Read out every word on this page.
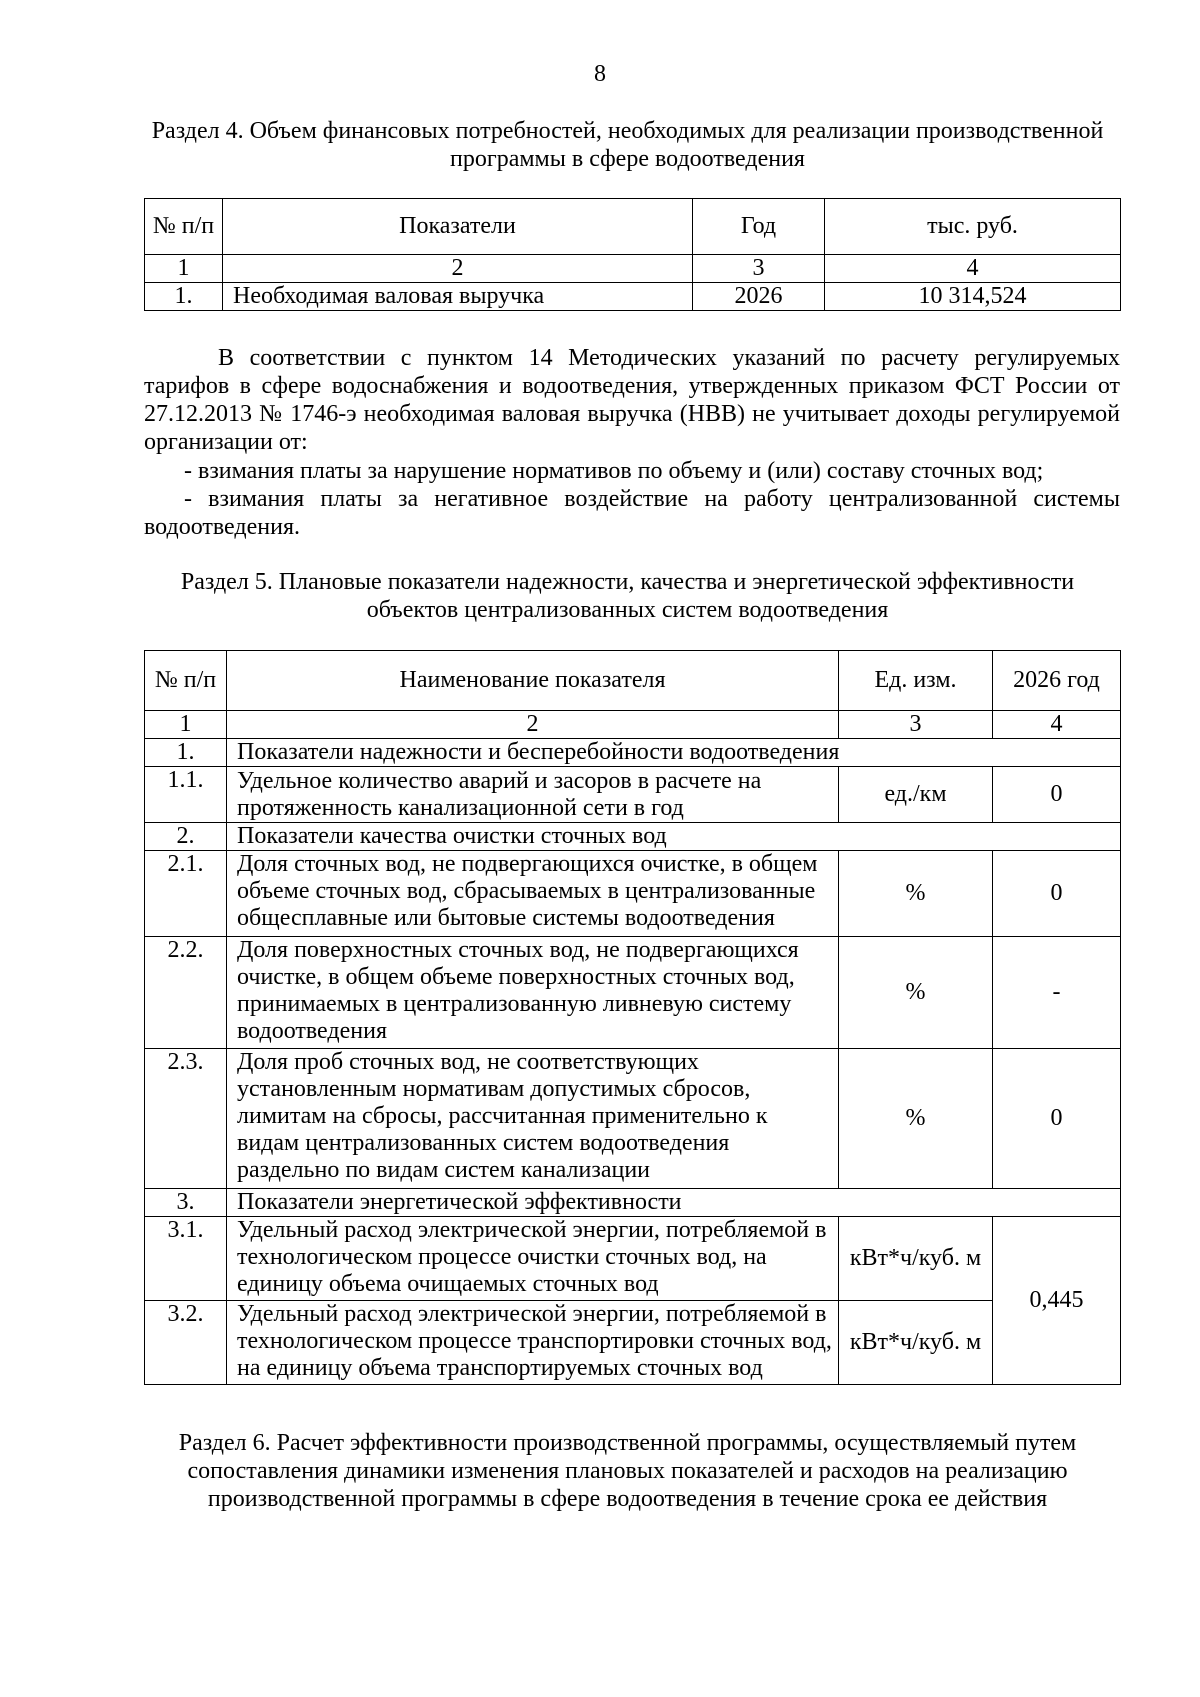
8
Раздел 4. Объем финансовых потребностей, необходимых для реализации производственной
программы в сфере водоотведения
№ п/п	Показатели	Год	тыс. руб.
1	2	3	4
1.	Необходимая валовая выручка	2026	10 314,524
В соответствии с пунктом 14 Методических указаний по расчету регулируемых тарифов в сфере водоснабжения и водоотведения, утвержденных приказом ФСТ России от 27.12.2013 № 1746-э необходимая валовая выручка (НВВ) не учитывает доходы регулируемой организации от:
- взимания платы за нарушение нормативов по объему и (или) составу сточных вод;
- взимания платы за негативное воздействие на работу централизованной системы водоотведения.
Раздел 5. Плановые показатели надежности, качества и энергетической эффективности
объектов централизованных систем водоотведения
№ п/п	Наименование показателя	Ед. изм.	2026 год
1	2	3	4
1.	Показатели надежности и бесперебойности водоотведения		
1.1.	Удельное количество аварий и засоров в расчете на протяженность канализационной сети в год	ед./км	0
2.	Показатели качества очистки сточных вод		
2.1.	Доля сточных вод, не подвергающихся очистке, в общем объеме сточных вод, сбрасываемых в централизованные общесплавные или бытовые системы водоотведения	%	0
2.2.	Доля поверхностных сточных вод, не подвергающихся очистке, в общем объеме поверхностных сточных вод, принимаемых в централизованную ливневую систему водоотведения	%	-
2.3.	Доля проб сточных вод, не соответствующих установленным нормативам допустимых сбросов, лимитам на сбросы, рассчитанная применительно к видам централизованных систем водоотведения раздельно по видам систем канализации	%	0
3.	Показатели энергетической эффективности		
3.1.	Удельный расход электрической энергии, потребляемой в технологическом процессе очистки сточных вод, на единицу объема очищаемых сточных вод	кВт*ч/куб. м	0,445
3.2.	Удельный расход электрической энергии, потребляемой в технологическом процессе транспортировки сточных вод, на единицу объема транспортируемых сточных вод	кВт*ч/куб. м	
Раздел 6. Расчет эффективности производственной программы, осуществляемый путем
сопоставления динамики изменения плановых показателей и расходов на реализацию
производственной программы в сфере водоотведения в течение срока ее действия
